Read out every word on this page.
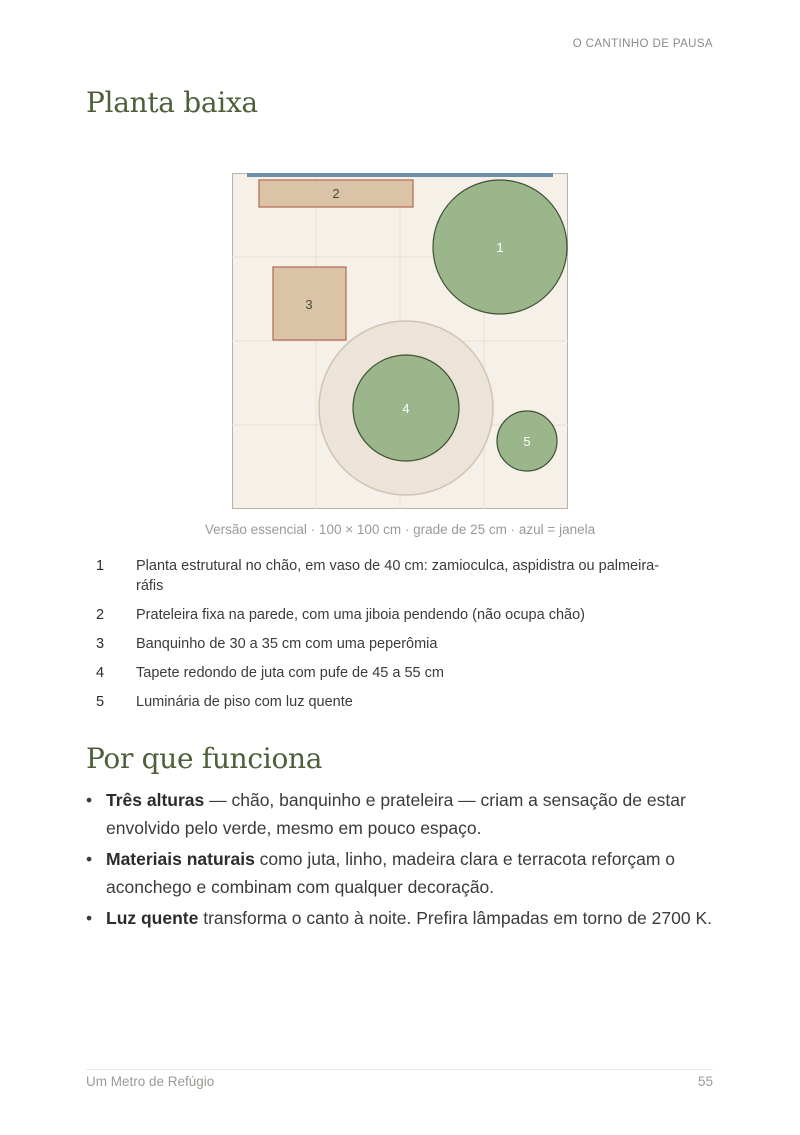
O CANTINHO DE PAUSA
Planta baixa
2
1
3
4
5
Versão essencial · 100 × 100 cm · grade de 25 cm · azul = janela
1	Planta estrutural no chão, em vaso de 40 cm: zamioculca, aspidistra ou palmeira-ráfis
2	Prateleira fixa na parede, com uma jiboia pendendo (não ocupa chão)
3	Banquinho de 30 a 35 cm com uma peperômia
4	Tapete redondo de juta com pufe de 45 a 55 cm
5	Luminária de piso com luz quente
Por que funciona
• Três alturas — chão, banquinho e prateleira — criam a sensação de estar envolvido pelo verde, mesmo em pouco espaço.
• Materiais naturais como juta, linho, madeira clara e terracota reforçam o aconchego e combinam com qualquer decoração.
• Luz quente transforma o canto à noite. Prefira lâmpadas em torno de 2700 K.
Um Metro de Refúgio	55
